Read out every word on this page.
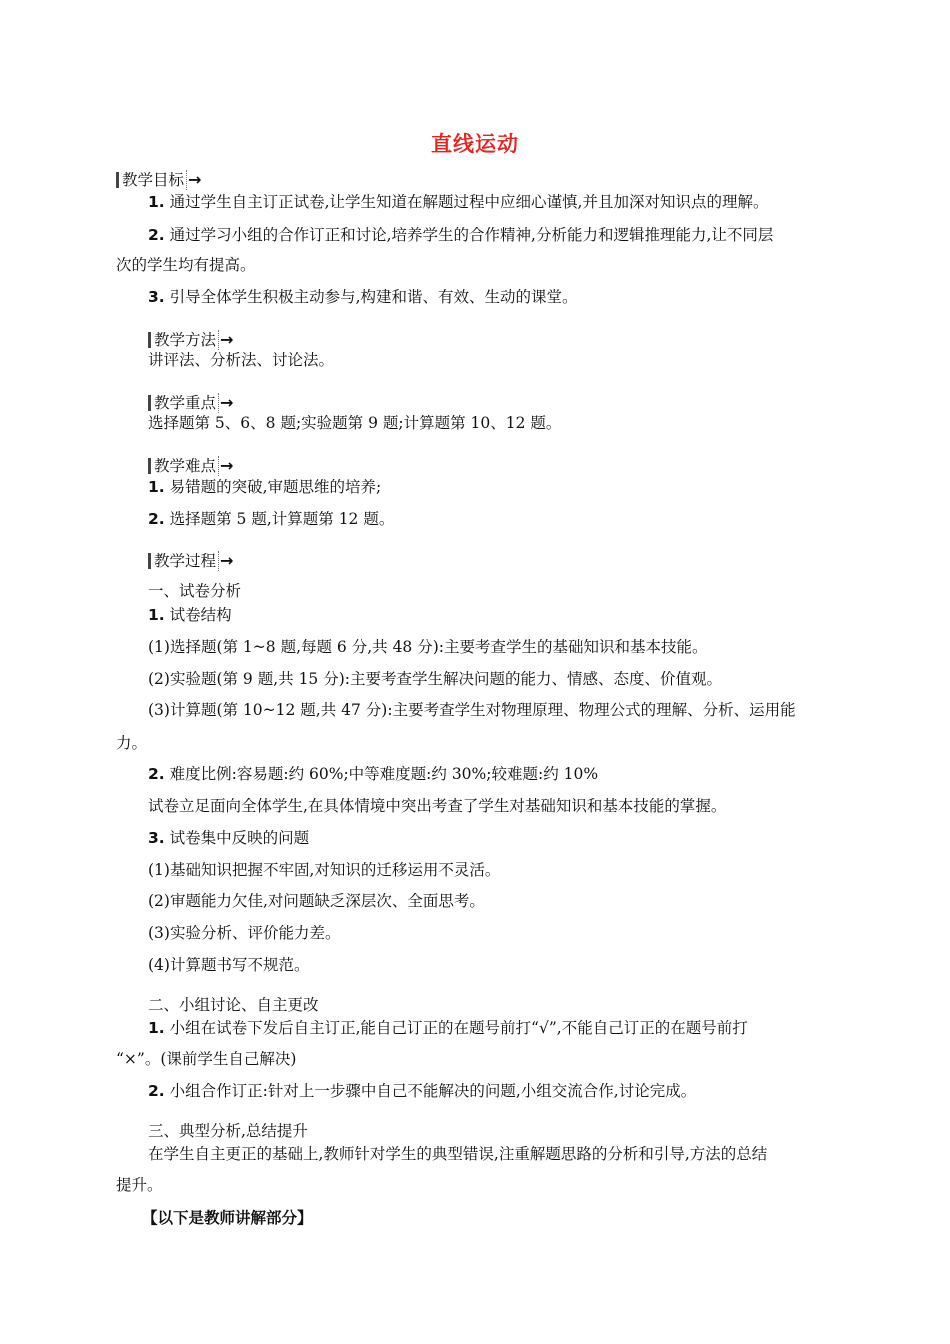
直线运动
教学目标 →
1. 通过学生自主订正试卷,让学生知道在解题过程中应细心谨慎,并且加深对知识点的理解。
2. 通过学习小组的合作订正和讨论,培养学生的合作精神,分析能力和逻辑推理能力,让不同层
次的学生均有提高。
3. 引导全体学生积极主动参与,构建和谐、有效、生动的课堂。
教学方法 →
讲评法、分析法、讨论法。
教学重点 →
选择题第 5、6、8 题;实验题第 9 题;计算题第 10、12 题。
教学难点 →
1. 易错题的突破,审题思维的培养;
2. 选择题第 5 题,计算题第 12 题。
教学过程 →
一、试卷分析
1. 试卷结构
(1)选择题(第 1~8 题,每题 6 分,共 48 分):主要考查学生的基础知识和基本技能。
(2)实验题(第 9 题,共 15 分):主要考查学生解决问题的能力、情感、态度、价值观。
(3)计算题(第 10~12 题,共 47 分):主要考查学生对物理原理、物理公式的理解、分析、运用能
力。
2. 难度比例:容易题:约 60%;中等难度题:约 30%;较难题:约 10%
试卷立足面向全体学生,在具体情境中突出考查了学生对基础知识和基本技能的掌握。
3. 试卷集中反映的问题
(1)基础知识把握不牢固,对知识的迁移运用不灵活。
(2)审题能力欠佳,对问题缺乏深层次、全面思考。
(3)实验分析、评价能力差。
(4)计算题书写不规范。
二、小组讨论、自主更改
1. 小组在试卷下发后自主订正,能自己订正的在题号前打“√”,不能自己订正的在题号前打
“×”。(课前学生自己解决)
2. 小组合作订正:针对上一步骤中自己不能解决的问题,小组交流合作,讨论完成。
三、典型分析,总结提升
在学生自主更正的基础上,教师针对学生的典型错误,注重解题思路的分析和引导,方法的总结
提升。
【以下是教师讲解部分】
